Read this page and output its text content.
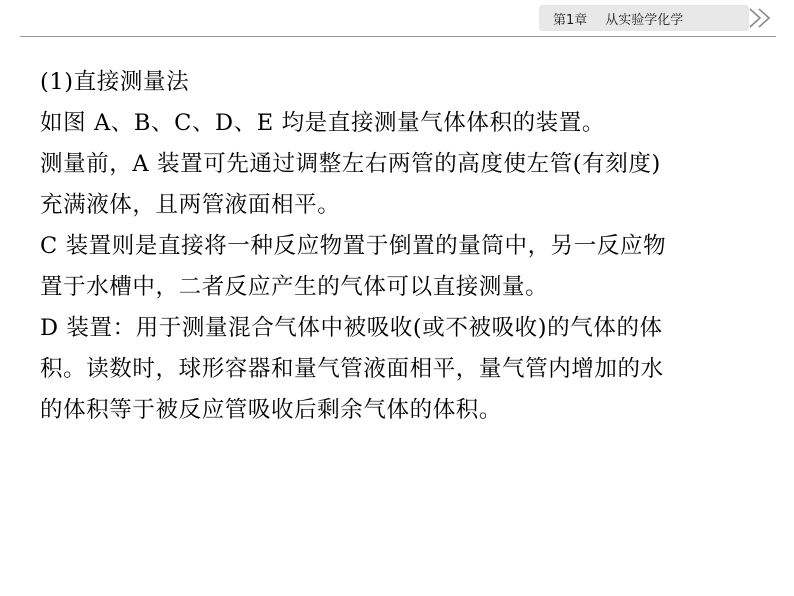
第1章 从实验学化学
(1)直接测量法
如图 A、B、C、D、E 均是直接测量气体体积的装置。
测量前，A 装置可先通过调整左右两管的高度使左管(有刻度)
充满液体，且两管液面相平。
C 装置则是直接将一种反应物置于倒置的量筒中，另一反应物
置于水槽中，二者反应产生的气体可以直接测量。
D 装置：用于测量混合气体中被吸收(或不被吸收)的气体的体
积。读数时，球形容器和量气管液面相平，量气管内增加的水
的体积等于被反应管吸收后剩余气体的体积。
